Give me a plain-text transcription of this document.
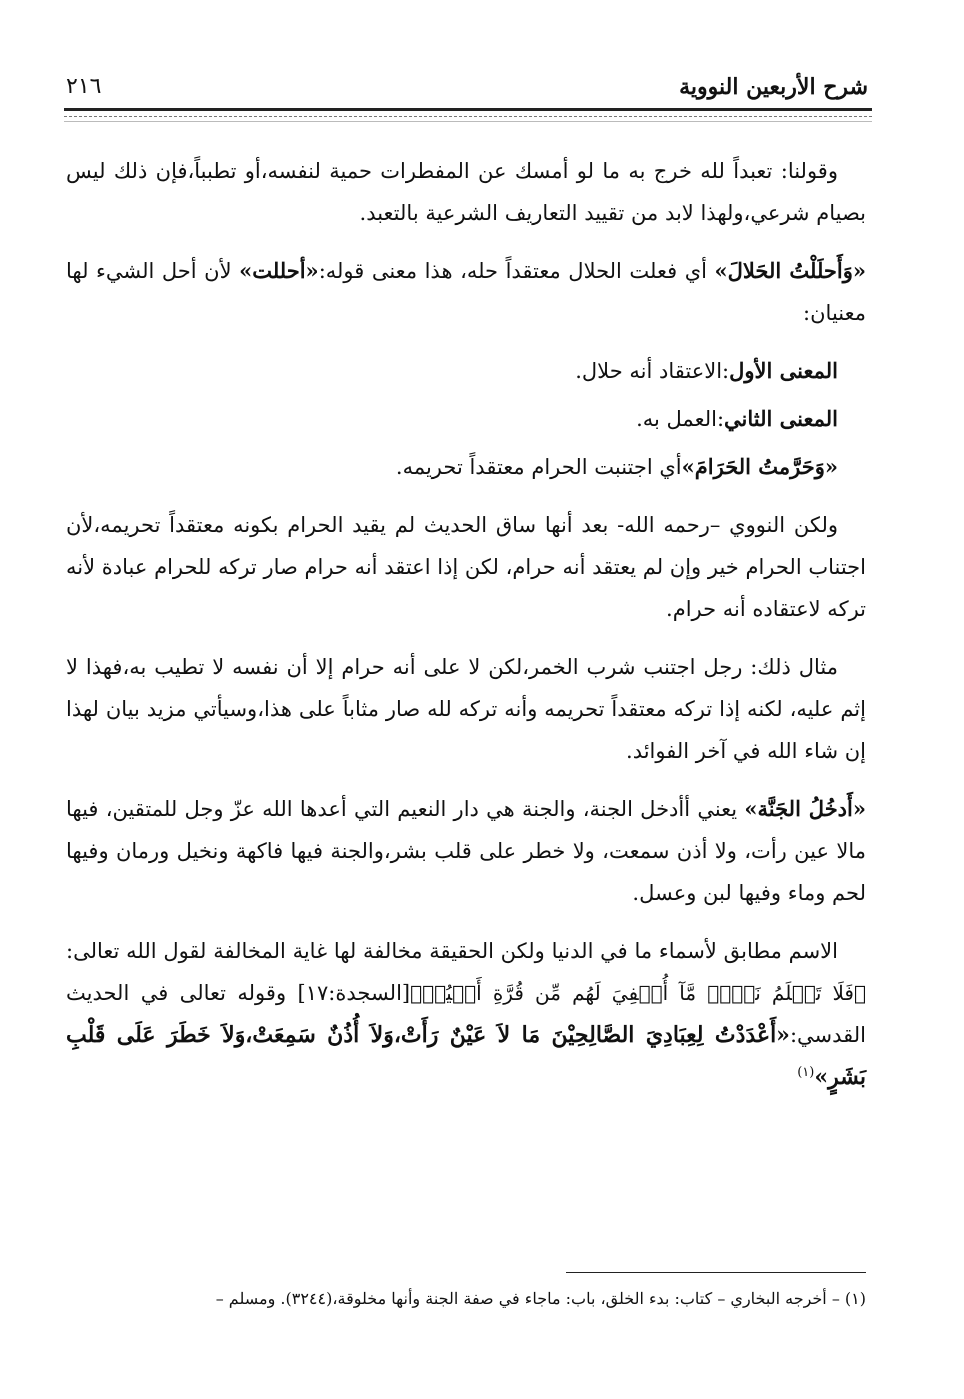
شرح الأربعين النووية
٢١٦

وقولنا: تعبداً لله خرج به ما لو أمسك عن المفطرات حمية لنفسه،أو تطبباً،فإن ذلك ليس بصيام شرعي،ولهذا لابد من تقييد التعاريف الشرعية بالتعبد.

«وَأَحلَلْتُ الحَلالَ» أي فعلت الحلال معتقداً حله، هذا معنى قوله:«أحللت» لأن أحل الشيء لها معنيان:

المعنى الأول:الاعتقاد أنه حلال.

المعنى الثاني:العمل به.

«وَحَرَّمتُ الحَرَامَ»أي اجتنبت الحرام معتقداً تحريمه.

ولكن النووي –رحمه الله- بعد أنها ساق الحديث لم يقيد الحرام بكونه معتقداً تحريمه،لأن اجتناب الحرام خير وإن لم يعتقد أنه حرام، لكن إذا اعتقد أنه حرام صار تركه للحرام عبادة لأنه تركه لاعتقاده أنه حرام.

مثال ذلك: رجل اجتنب شرب الخمر،لكن لا على أنه حرام إلا أن نفسه لا تطيب به،فهذا لا إثم عليه، لكنه إذا تركه معتقداً تحريمه وأنه تركه لله صار مثاباً على هذا،وسيأتي مزيد بيان لهذا إن شاء الله في آخر الفوائد.

«أَدخُلُ الجَنَّة» يعني أأدخل الجنة، والجنة هي دار النعيم التي أعدها الله عزّ وجل للمتقين، فيها مالا عين رأت، ولا أذن سمعت، ولا خطر على قلب بشر،والجنة فيها فاكهة ونخيل ورمان وفيها لحم وماء وفيها لبن وعسل.

الاسم مطابق لأسماء ما في الدنيا ولكن الحقيقة مخالفة لها غاية المخالفة لقول الله تعالى: ﴿فَلَا تَعۡلَمُ نَفۡسٞ مَّآ أُخۡفِيَ لَهُم مِّن قُرَّةِ أَعۡيُنٖ﴾[السجدة:١٧] وقوله تعالى في الحديث القدسي:«أَعْدَدْتُ لِعِبَادِيَ الصَّالِحِيْنَ مَا لاَ عَيْنٌ رَأَتْ،وَلاَ أُذُنٌ سَمِعَتْ،وَلاَ خَطَرَ عَلَى قَلْبِ بَشَرٍ»$^{(١)}$

(١) – أخرجه البخاري – كتاب: بدء الخلق، باب: ماجاء في صفة الجنة وأنها مخلوقة،(٣٢٤٤). ومسلم –
